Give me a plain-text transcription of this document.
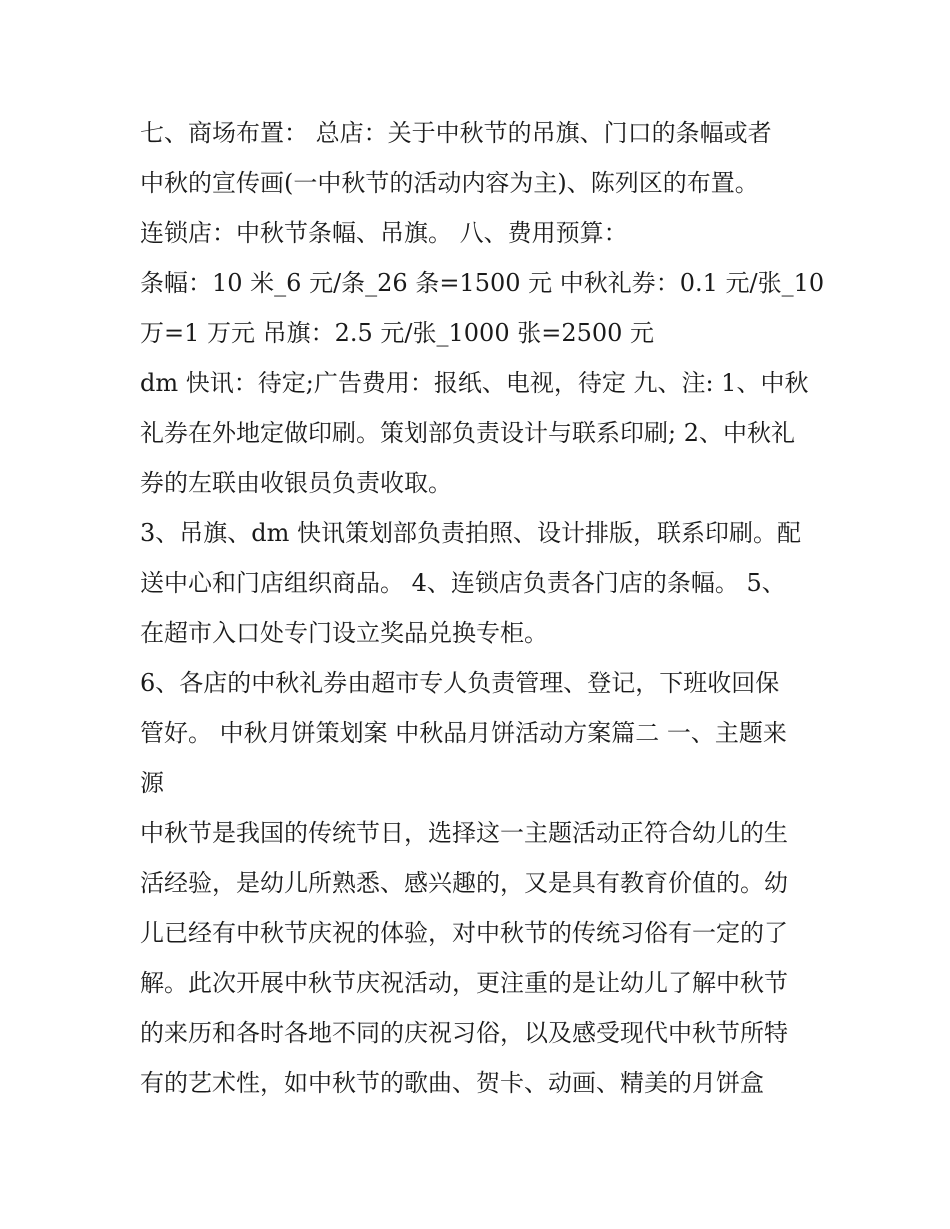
七、商场布置： 总店：关于中秋节的吊旗、门口的条幅或者
中秋的宣传画(一中秋节的活动内容为主)、陈列区的布置。
连锁店：中秋节条幅、吊旗。 八、费用预算：
条幅：10 米_6 元/条_26 条=1500 元 中秋礼券：0.1 元/张_10
万=1 万元 吊旗：2.5 元/张_1000 张=2500 元
dm 快讯：待定;广告费用：报纸、电视，待定 九、注: 1、中秋
礼券在外地定做印刷。策划部负责设计与联系印刷; 2、中秋礼
券的左联由收银员负责收取。
3、吊旗、dm 快讯策划部负责拍照、设计排版，联系印刷。配
送中心和门店组织商品。 4、连锁店负责各门店的条幅。 5、
在超市入口处专门设立奖品兑换专柜。
6、各店的中秋礼券由超市专人负责管理、登记，下班收回保
管好。 中秋月饼策划案 中秋品月饼活动方案篇二 一、主题来
源
中秋节是我国的传统节日，选择这一主题活动正符合幼儿的生
活经验，是幼儿所熟悉、感兴趣的，又是具有教育价值的。幼
儿已经有中秋节庆祝的体验，对中秋节的传统习俗有一定的了
解。此次开展中秋节庆祝活动，更注重的是让幼儿了解中秋节
的来历和各时各地不同的庆祝习俗，以及感受现代中秋节所特
有的艺术性，如中秋节的歌曲、贺卡、动画、精美的月饼盒
